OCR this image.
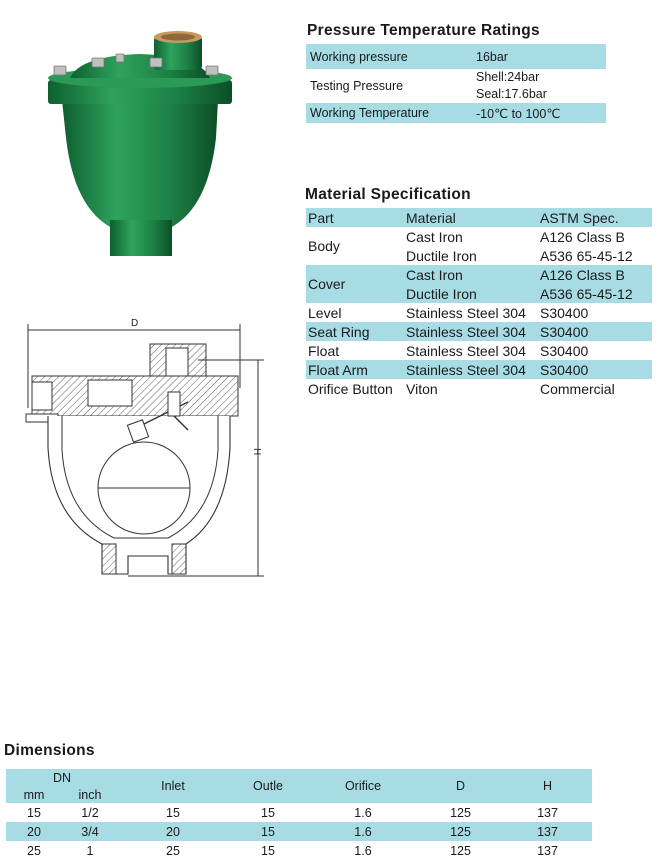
Pressure Temperature Ratings
Working pressure	16bar
Testing Pressure	Shell:24bar
Seal:17.6bar

Working Temperature	-10℃ to 100℃
Material Specification
Part	Material	ASTM Spec.
Body	Cast Iron	A126 Class B
	Ductile Iron	A536 65-45-12
Cover	Cast Iron	A126 Class B
	Ductile Iron	A536 65-45-12
Level	Stainless Steel 304	S30400
Seat Ring	Stainless Steel 304	S30400
Float	Stainless Steel 304	S30400
Float Arm	Stainless Steel 304	S30400
Orifice Button	Viton	Commercial
D
H
Dimensions
DN		Inlet	Outle	Orifice	D	H
mm	inch					
15	1/2	15	15	1.6	125	137
20	3/4	20	15	1.6	125	137
25	1	25	15	1.6	125	137
